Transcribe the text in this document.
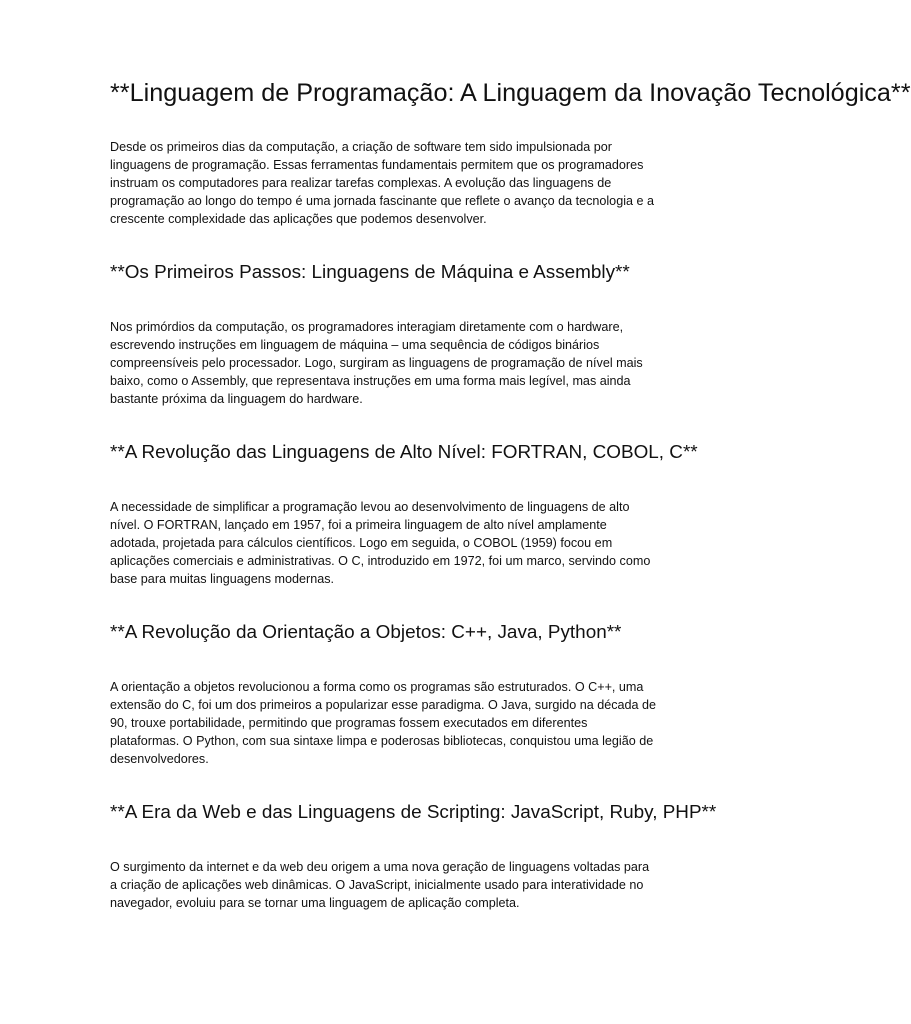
**Linguagem de Programação: A Linguagem da Inovação Tecnológica**

Desde os primeiros dias da computação, a criação de software tem sido impulsionada por linguagens de programação. Essas ferramentas fundamentais permitem que os programadores instruam os computadores para realizar tarefas complexas. A evolução das linguagens de programação ao longo do tempo é uma jornada fascinante que reflete o avanço da tecnologia e a crescente complexidade das aplicações que podemos desenvolver.

**Os Primeiros Passos: Linguagens de Máquina e Assembly**

Nos primórdios da computação, os programadores interagiam diretamente com o hardware, escrevendo instruções em linguagem de máquina – uma sequência de códigos binários compreensíveis pelo processador. Logo, surgiram as linguagens de programação de nível mais baixo, como o Assembly, que representava instruções em uma forma mais legível, mas ainda bastante próxima da linguagem do hardware.

**A Revolução das Linguagens de Alto Nível: FORTRAN, COBOL, C**

A necessidade de simplificar a programação levou ao desenvolvimento de linguagens de alto nível. O FORTRAN, lançado em 1957, foi a primeira linguagem de alto nível amplamente adotada, projetada para cálculos científicos. Logo em seguida, o COBOL (1959) focou em aplicações comerciais e administrativas. O C, introduzido em 1972, foi um marco, servindo como base para muitas linguagens modernas.

**A Revolução da Orientação a Objetos: C++, Java, Python**

A orientação a objetos revolucionou a forma como os programas são estruturados. O C++, uma extensão do C, foi um dos primeiros a popularizar esse paradigma. O Java, surgido na década de 90, trouxe portabilidade, permitindo que programas fossem executados em diferentes plataformas. O Python, com sua sintaxe limpa e poderosas bibliotecas, conquistou uma legião de desenvolvedores.

**A Era da Web e das Linguagens de Scripting: JavaScript, Ruby, PHP**

O surgimento da internet e da web deu origem a uma nova geração de linguagens voltadas para a criação de aplicações web dinâmicas. O JavaScript, inicialmente usado para interatividade no navegador, evoluiu para se tornar uma linguagem de aplicação completa.
